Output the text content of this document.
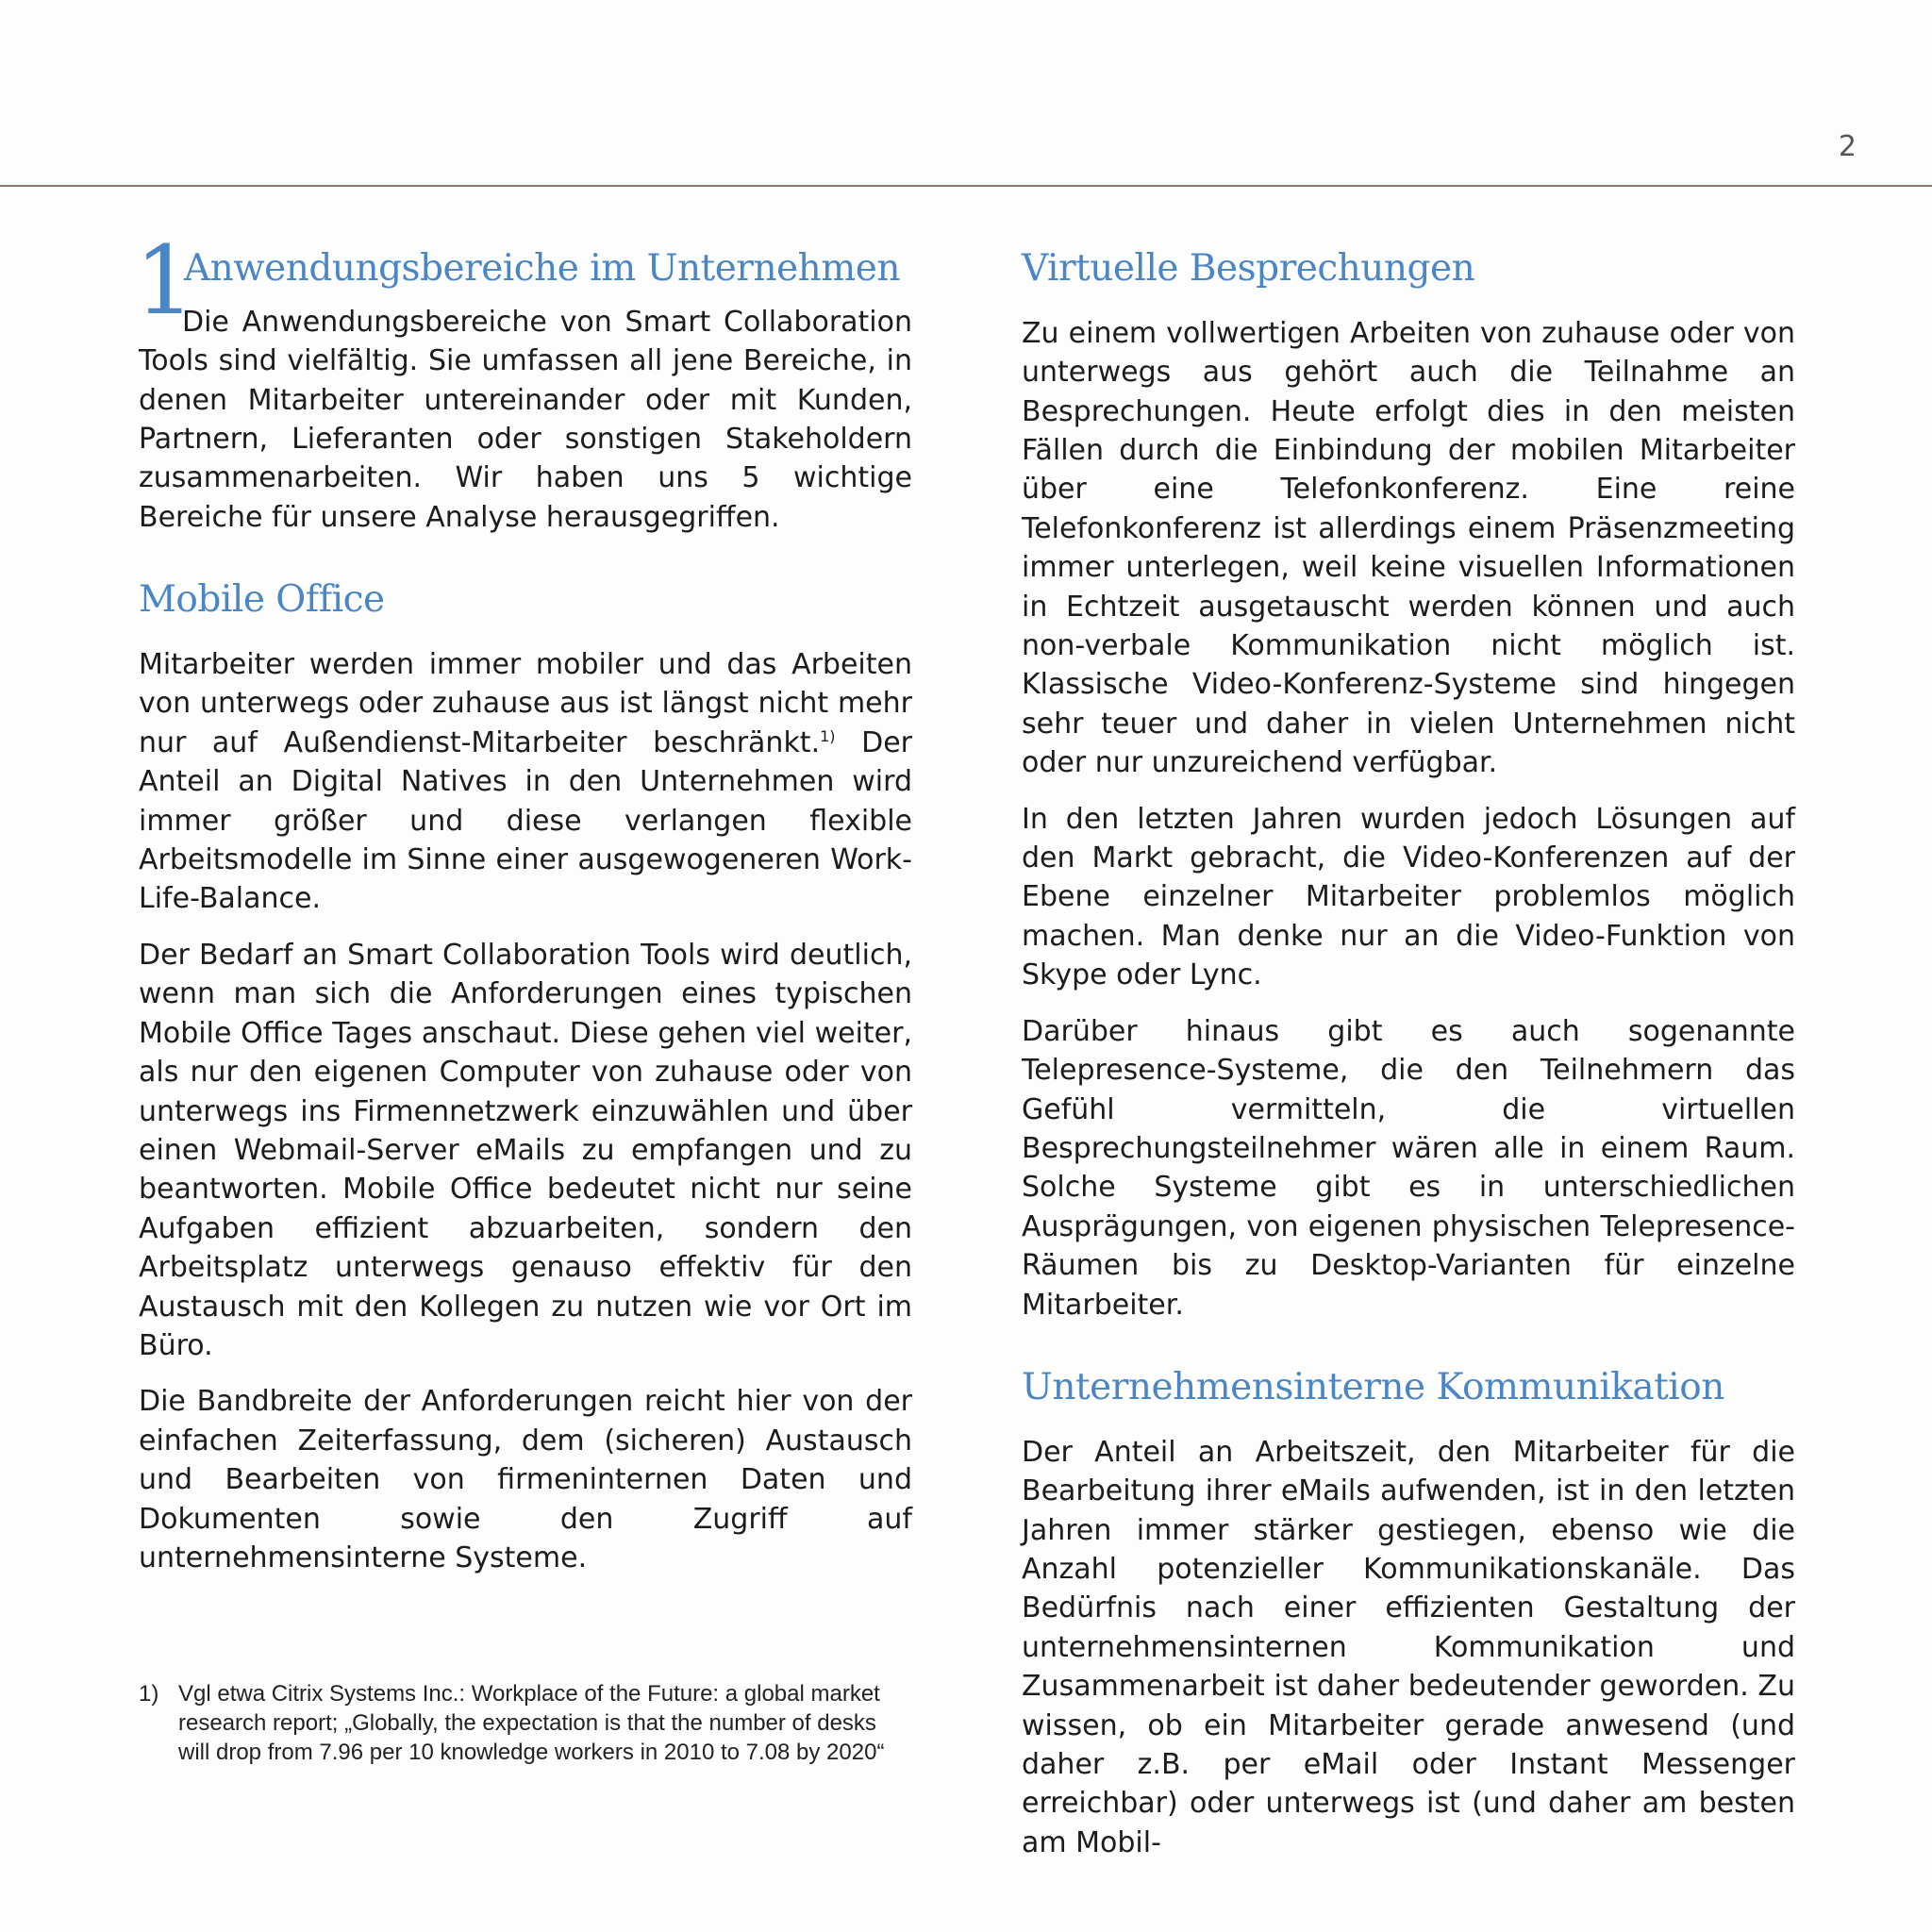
2
1
Anwendungsbereiche im Unternehmen

Die Anwendungsbereiche von Smart Collaboration Tools sind vielfältig. Sie umfassen all jene Bereiche, in denen Mitarbeiter untereinander oder mit Kunden, Partnern, Lieferanten oder sonstigen Stakeholdern zusammenarbeiten. Wir haben uns 5 wichtige Bereiche für unsere Analyse herausgegriffen.

Mobile Office

Mitarbeiter werden immer mobiler und das Arbeiten von unterwegs oder zuhause aus ist längst nicht mehr nur auf Außendienst-Mitarbeiter beschränkt.$^{1)}$ Der Anteil an Digital Natives in den Unternehmen wird immer größer und diese verlangen flexible Arbeitsmodelle im Sinne einer ausgewogeneren Work-Life-Balance.

Der Bedarf an Smart Collaboration Tools wird deutlich, wenn man sich die Anforderungen eines typischen Mobile Office Tages anschaut. Diese gehen viel weiter, als nur den eigenen Computer von zuhause oder von unterwegs ins Firmennetzwerk einzuwählen und über einen Webmail-Server eMails zu empfangen und zu beantworten. Mobile Office bedeutet nicht nur seine Aufgaben effizient abzuarbeiten, sondern den Arbeitsplatz unterwegs genauso effektiv für den Austausch mit den Kollegen zu nutzen wie vor Ort im Büro.

Die Bandbreite der Anforderungen reicht hier von der einfachen Zeiterfassung, dem (sicheren) Austausch und Bearbeiten von firmeninternen Daten und Dokumenten sowie den Zugriff auf unternehmensinterne Systeme.

1) Vgl etwa Citrix Systems Inc.: Workplace of the Future: a global market research report; „Globally, the expectation is that the number of desks will drop from 7.96 per 10 knowledge workers in 2010 to 7.08 by 2020“
Virtuelle Besprechungen

Zu einem vollwertigen Arbeiten von zuhause oder von unterwegs aus gehört auch die Teilnahme an Besprechungen. Heute erfolgt dies in den meisten Fällen durch die Einbindung der mobilen Mitarbeiter über eine Telefonkonferenz. Eine reine Telefonkonferenz ist allerdings einem Präsenzmeeting immer unterlegen, weil keine visuellen Informationen in Echtzeit ausgetauscht werden können und auch non-verbale Kommunikation nicht möglich ist. Klassische Video-Konferenz-Systeme sind hingegen sehr teuer und daher in vielen Unternehmen nicht oder nur unzureichend verfügbar.

In den letzten Jahren wurden jedoch Lösungen auf den Markt gebracht, die Video-Konferenzen auf der Ebene einzelner Mitarbeiter problemlos möglich machen. Man denke nur an die Video-Funktion von Skype oder Lync.

Darüber hinaus gibt es auch sogenannte Telepresence-Systeme, die den Teilnehmern das Gefühl vermitteln, die virtuellen Besprechungsteilnehmer wären alle in einem Raum. Solche Systeme gibt es in unterschiedlichen Ausprägungen, von eigenen physischen Telepresence-Räumen bis zu Desktop-Varianten für einzelne Mitarbeiter.

Unternehmensinterne Kommunikation

Der Anteil an Arbeitszeit, den Mitarbeiter für die Bearbeitung ihrer eMails aufwenden, ist in den letzten Jahren immer stärker gestiegen, ebenso wie die Anzahl potenzieller Kommunikationskanäle. Das Bedürfnis nach einer effizienten Gestaltung der unternehmensinternen Kommunikation und Zusammenarbeit ist daher bedeutender geworden. Zu wissen, ob ein Mitarbeiter gerade anwesend (und daher z.B. per eMail oder Instant Messenger erreichbar) oder unterwegs ist (und daher am besten am Mobil-
